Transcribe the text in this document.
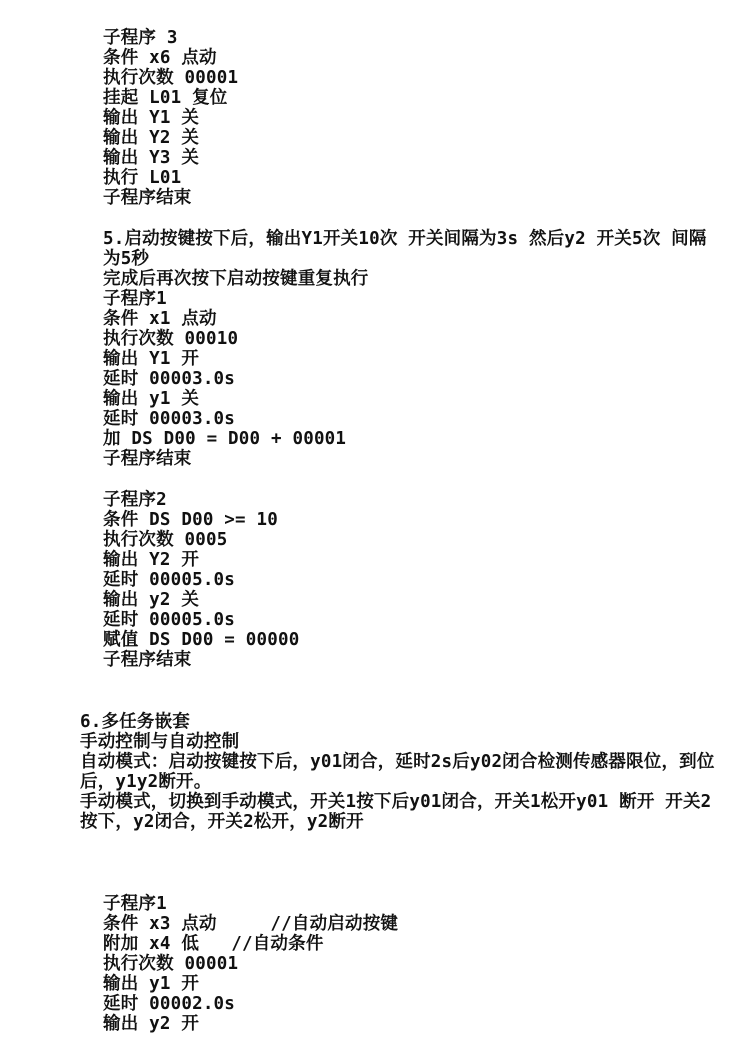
子程序 3
条件 x6 点动
执行次数 00001
挂起 L01 复位
输出 Y1 关
输出 Y2 关
输出 Y3 关
执行 L01
子程序结束
5.启动按键按下后，输出Y1开关10次 开关间隔为3s 然后y2 开关5次 间隔为5秒
完成后再次按下启动按键重复执行
子程序1
条件 x1 点动
执行次数 00010
输出 Y1 开
延时 00003.0s
输出 y1 关
延时 00003.0s
加 DS D00 = D00 + 00001
子程序结束
子程序2
条件 DS D00 >= 10
执行次数 0005
输出 Y2 开
延时 00005.0s
输出 y2 关
延时 00005.0s
赋值 DS D00 = 00000
子程序结束
6.多任务嵌套
手动控制与自动控制
自动模式：启动按键按下后，y01闭合，延时2s后y02闭合检测传感器限位，到位后，y1y2断开。
手动模式，切换到手动模式，开关1按下后y01闭合，开关1松开y01 断开 开关2按下，y2闭合，开关2松开，y2断开
子程序1
条件 x3 点动     //自动启动按键
附加 x4 低   //自动条件
执行次数 00001
输出 y1 开
延时 00002.0s
输出 y2 开
